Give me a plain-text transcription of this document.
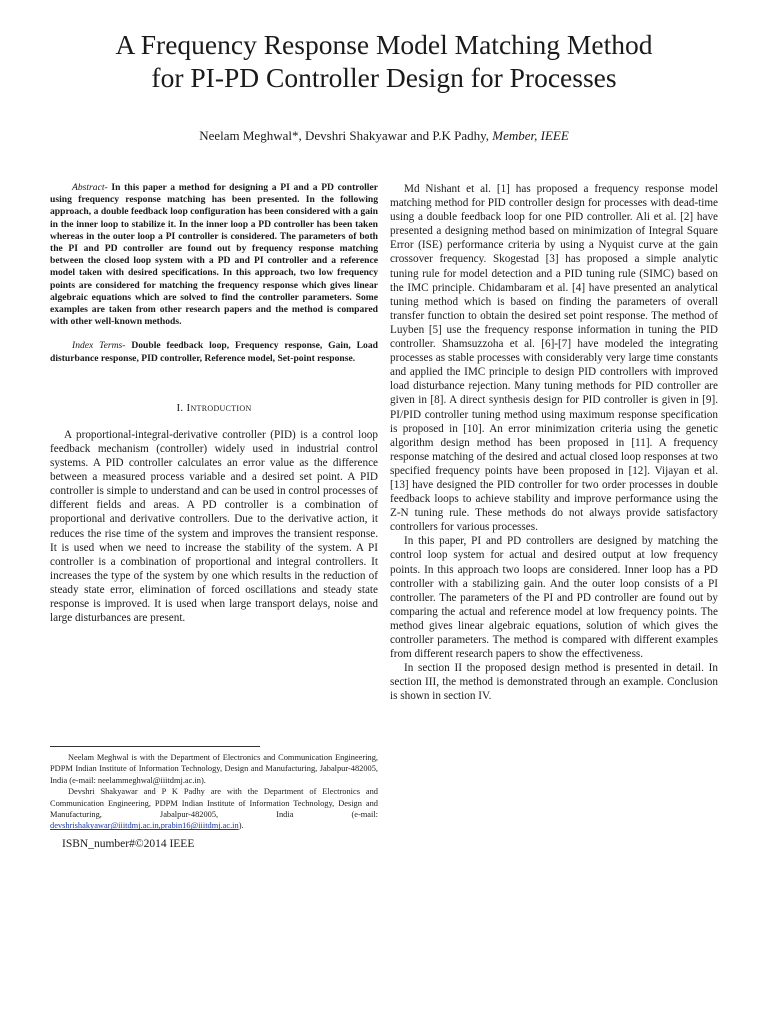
A Frequency Response Model Matching Method
for PI-PD Controller Design for Processes
Neelam Meghwal*, Devshri Shakyawar and P.K Padhy, Member, IEEE

Abstract- In this paper a method for designing a PI and a PD controller using frequency response matching has been presented. In the following approach, a double feedback loop configuration has been considered with a gain in the inner loop to stabilize it. In the inner loop a PD controller has been taken whereas in the outer loop a PI controller is considered. The parameters of both the PI and PD controller are found out by frequency response matching between the closed loop system with a PD and PI controller and a reference model taken with desired specifications. In this approach, two low frequency points are considered for matching the frequency response which gives linear algebraic equations which are solved to find the controller parameters. Some examples are taken from other research papers and the method is compared with other well-known methods.

Index Terms- Double feedback loop, Frequency response, Gain, Load disturbance response, PID controller, Reference model, Set-point response.

I. Introduction

A proportional-integral-derivative controller (PID) is a control loop feedback mechanism (controller) widely used in industrial control systems. A PID controller calculates an error value as the difference between a measured process variable and a desired set point. A PID controller is simple to understand and can be used in control processes of different fields and areas. A PD controller is a combination of proportional and derivative controllers. Due to the derivative action, it reduces the rise time of the system and improves the transient response. It is used when we need to increase the stability of the system. A PI controller is a combination of proportional and integral controllers. It increases the type of the system by one which results in the reduction of steady state error, elimination of forced oscillations and steady state response is improved. It is used when large transport delays, noise and large disturbances are present.

Neelam Meghwal is with the Department of Electronics and Communication Engineering, PDPM Indian Institute of Information Technology, Design and Manufacturing, Jabalpur-482005, India (e-mail: neelammeghwal@iiitdmj.ac.in).

Devshri Shakyawar and P K Padhy are with the Department of Electronics and Communication Engineering, PDPM Indian Institute of Information Technology, Design and Manufacturing, Jabalpur-482005, India (e-mail: devshrishakyawar@iiitdmj.ac.in,prabin16@iiitdmj.ac.in).

ISBN_number#©2014 IEEE

Md Nishant et al. [1] has proposed a frequency response model matching method for PID controller design for processes with dead-time using a double feedback loop for one PID controller. Ali et al. [2] have presented a designing method based on minimization of Integral Square Error (ISE) performance criteria by using a Nyquist curve at the gain crossover frequency. Skogestad [3] has proposed a simple analytic tuning rule for model detection and a PID tuning rule (SIMC) based on the IMC principle. Chidambaram et al. [4] have presented an analytical tuning method which is based on finding the parameters of overall transfer function to obtain the desired set point response. The method of Luyben [5] use the frequency response information in tuning the PID controller. Shamsuzzoha et al. [6]-[7] have modeled the integrating processes as stable processes with considerably very large time constants and applied the IMC principle to design PID controllers with improved load disturbance rejection. Many tuning methods for PID controller are given in [8]. A direct synthesis design for PID controller is given in [9]. PI/PID controller tuning method using maximum response specification is proposed in [10]. An error minimization criteria using the genetic algorithm design method has been proposed in [11]. A frequency response matching of the desired and actual closed loop responses at two specified frequency points have been proposed in [12]. Vijayan et al. [13] have designed the PID controller for two order processes in double feedback loops to achieve stability and improve performance using the Z-N tuning rule. These methods do not always provide satisfactory controllers for various processes.

In this paper, PI and PD controllers are designed by matching the control loop system for actual and desired output at low frequency points. In this approach two loops are considered. Inner loop has a PD controller with a stabilizing gain. And the outer loop consists of a PI controller. The parameters of the PI and PD controller are found out by comparing the actual and reference model at low frequency points. The method gives linear algebraic equations, solution of which gives the controller parameters. The method is compared with different examples from different research papers to show the effectiveness.

In section II the proposed design method is presented in detail. In section III, the method is demonstrated through an example. Conclusion is shown in section IV.
